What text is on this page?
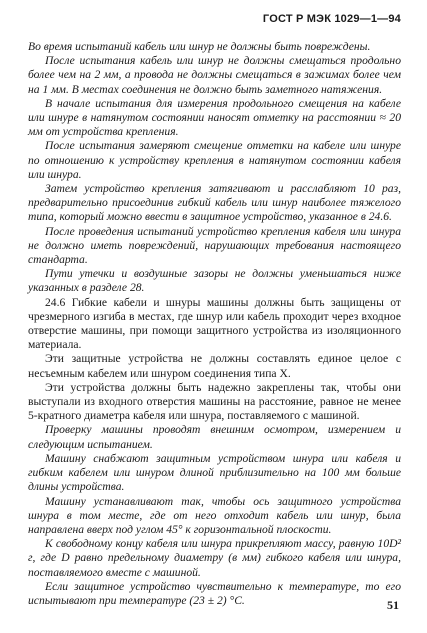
ГОСТ Р МЭК 1029—1—94

Во время испытаний кабель или шнур не должны быть повреждены.

После испытания кабель или шнур не должны смещаться продольно более чем на 2 мм, а провода не должны смещаться в зажимах более чем на 1 мм. В местах соединения не должно быть заметного натяжения.

В начале испытания для измерения продольного смещения на кабеле или шнуре в натянутом состоянии наносят отметку на расстоянии ≈ 20 мм от устройства крепления.

После испытания замеряют смещение отметки на кабеле или шнуре по отношению к устройству крепления в натянутом состоянии кабеля или шнура.

Затем устройство крепления затягивают и расслабляют 10 раз, предварительно присоединив гибкий кабель или шнур наиболее тяжелого типа, который можно ввести в защитное устройство, указанное в 24.6.

После проведения испытаний устройство крепления кабеля или шнура не должно иметь повреждений, нарушающих требования настоящего стандарта.

Пути утечки и воздушные зазоры не должны уменьшаться ниже указанных в разделе 28.

24.6 Гибкие кабели и шнуры машины должны быть защищены от чрезмерного изгиба в местах, где шнур или кабель проходит через входное отверстие машины, при помощи защитного устройства из изоляционного материала.

Эти защитные устройства не должны составлять единое целое с несъемным кабелем или шнуром соединения типа X.

Эти устройства должны быть надежно закреплены так, чтобы они выступали из входного отверстия машины на расстояние, равное не менее 5-кратного диаметра кабеля или шнура, поставляемого с машиной.

Проверку машины проводят внешним осмотром, измерением и следующим испытанием.

Машину снабжают защитным устройством шнура или кабеля и гибким кабелем или шнуром длиной приблизительно на 100 мм больше длины устройства.

Машину устанавливают так, чтобы ось защитного устройства шнура в том месте, где от него отходит кабель или шнур, была направлена вверх под углом 45° к горизонтальной плоскости.

К свободному концу кабеля или шнура прикрепляют массу, равную 10D² г, где D равно предельному диаметру (в мм) гибкого кабеля или шнура, поставляемого вместе с машиной.

Если защитное устройство чувствительно к температуре, то его испытывают при температуре (23 ± 2) °С.	51
